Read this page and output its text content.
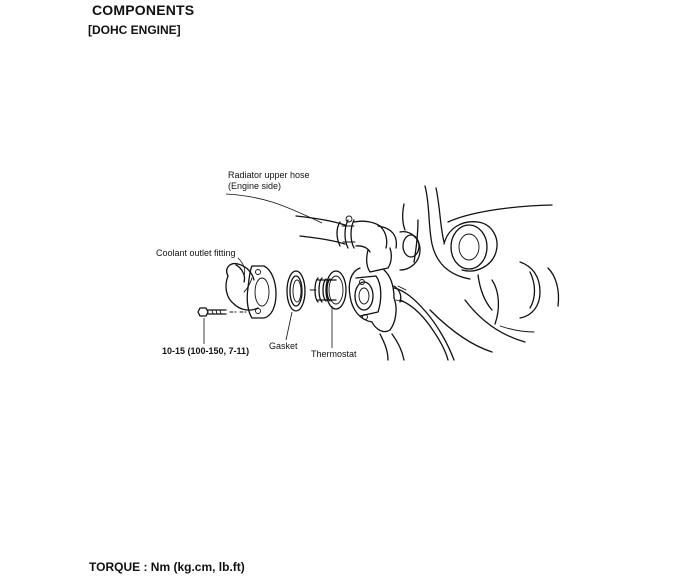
COMPONENTS
[DOHC ENGINE]
Radiator upper hose
(Engine side)
Coolant outlet fitting
Gasket
Thermostat
10-15 (100-150, 7-11)
TORQUE : Nm (kg.cm, lb.ft)
